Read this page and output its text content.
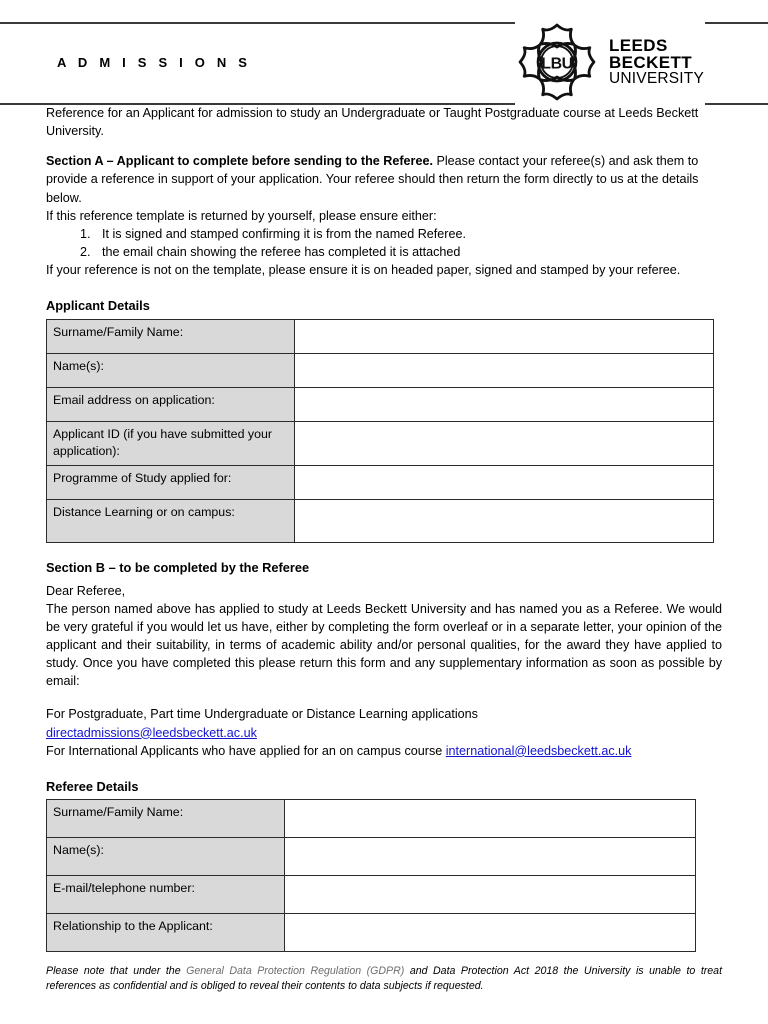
A D M I S S I O N S	LBU
LEEDS
BECKETT
UNIVERSITY

Reference for an Applicant for admission to study an Undergraduate or Taught Postgraduate course at Leeds Beckett University.

Section A – Applicant to complete before sending to the Referee. Please contact your referee(s) and ask them to provide a reference in support of your application. Your referee should then return the form directly to us at the details below.

If this reference template is returned by yourself, please ensure either:

1. It is signed and stamped confirming it is from the named Referee.
2. the email chain showing the referee has completed it is attached

If your reference is not on the template, please ensure it is on headed paper, signed and stamped by your referee.

Applicant Details
Surname/Family Name:	
Name(s):	
Email address on application:	
Applicant ID (if you have submitted your application):	
Programme of Study applied for:	
Distance Learning or on campus:	
Section B – to be completed by the Referee

Dear Referee,

The person named above has applied to study at Leeds Beckett University and has named you as a Referee. We would be very grateful if you would let us have, either by completing the form overleaf or in a separate letter, your opinion of the applicant and their suitability, in terms of academic ability and/or personal qualities, for the award they have applied to study. Once you have completed this please return this form and any supplementary information as soon as possible by email:

For Postgraduate, Part time Undergraduate or Distance Learning applications

directadmissions@leedsbeckett.ac.uk

For International Applicants who have applied for an on campus course international@leedsbeckett.ac.uk

Referee Details
Surname/Family Name:	
Name(s):	
E-mail/telephone number:	
Relationship to the Applicant:	

Please note that under the General Data Protection Regulation (GDPR) and Data Protection Act 2018 the University is unable to treat references as confidential and is obliged to reveal their contents to data subjects if requested.
